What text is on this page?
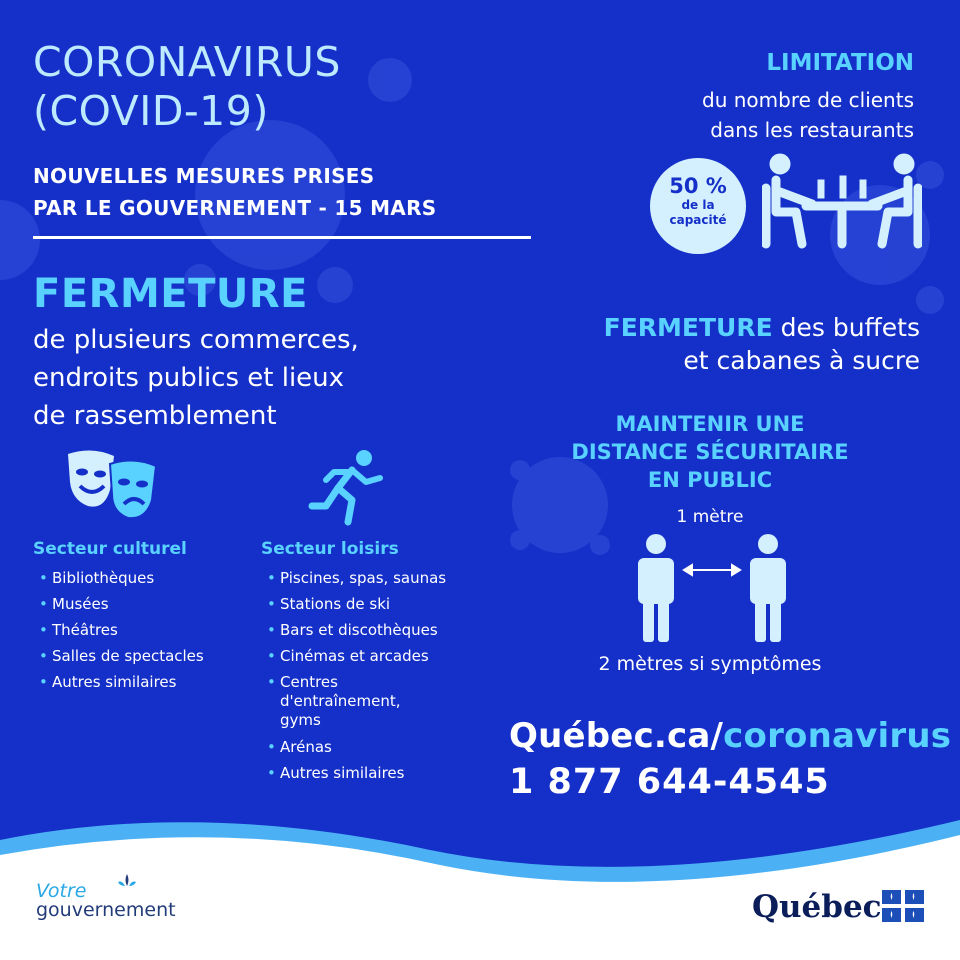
CORONAVIRUS
(COVID-19)
NOUVELLES MESURES PRISES
PAR LE GOUVERNEMENT - 15 MARS
FERMETURE
de plusieurs commerces,
endroits publics et lieux
de rassemblement
Secteur culturel
• Bibliothèques
• Musées
• Théâtres
• Salles de spectacles
• Autres similaires
Secteur loisirs
• Piscines, spas, saunas
• Stations de ski
• Bars et discothèques
• Cinémas et arcades
• Centres
d'entraînement,
gyms
• Arénas
• Autres similaires
LIMITATION
du nombre de clients
dans les restaurants
50 %
de la
capacité
FERMETURE des buffets
et cabanes à sucre
MAINTENIR UNE
DISTANCE SÉCURITAIRE
EN PUBLIC
1 mètre
2 mètres si symptômes
Québec.ca/coronavirus
1 877 644-4545
Votre
gouvernement	Québec
